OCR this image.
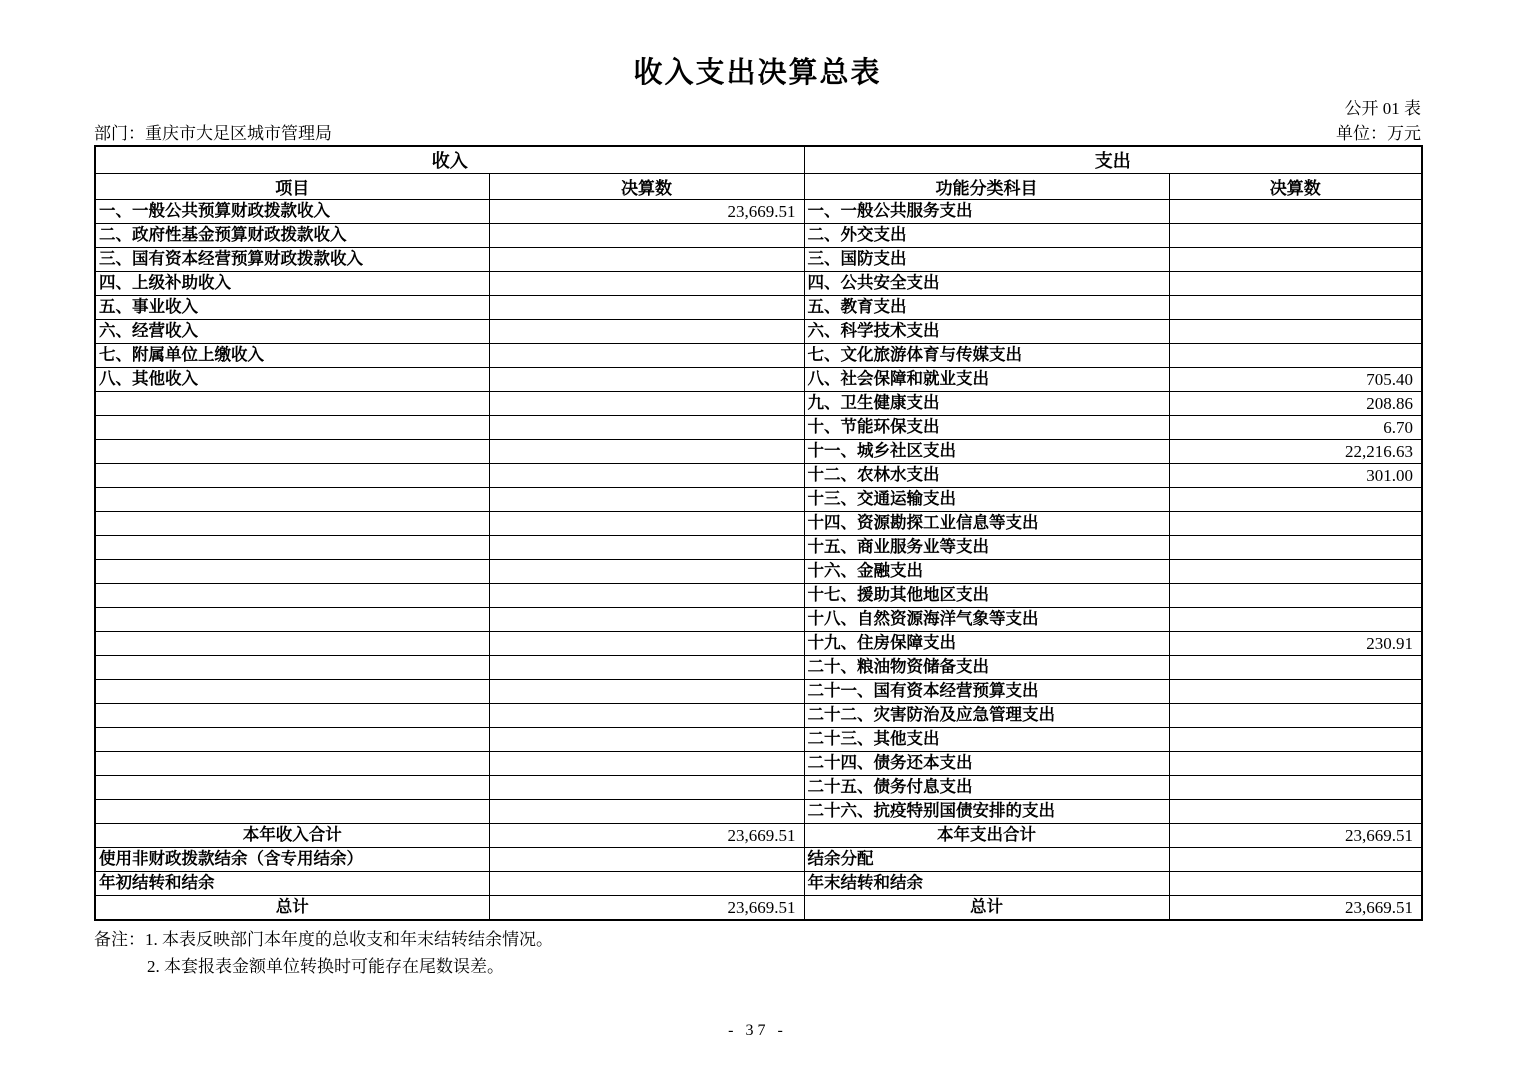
收入支出决算总表
公开 01 表
部门：重庆市大足区城市管理局	单位：万元
收入		支出	
项目	决算数	功能分类科目	决算数
一、一般公共预算财政拨款收入	23,669.51	一、一般公共服务支出	
二、政府性基金预算财政拨款收入		二、外交支出	
三、国有资本经营预算财政拨款收入		三、国防支出	
四、上级补助收入		四、公共安全支出	
五、事业收入		五、教育支出	
六、经营收入		六、科学技术支出	
七、附属单位上缴收入		七、文化旅游体育与传媒支出	
八、其他收入		八、社会保障和就业支出	705.40
		九、卫生健康支出	208.86
		十、节能环保支出	6.70
		十一、城乡社区支出	22,216.63
		十二、农林水支出	301.00
		十三、交通运输支出	
		十四、资源勘探工业信息等支出	
		十五、商业服务业等支出	
		十六、金融支出	
		十七、援助其他地区支出	
		十八、自然资源海洋气象等支出	
		十九、住房保障支出	230.91
		二十、粮油物资储备支出	
		二十一、国有资本经营预算支出	
		二十二、灾害防治及应急管理支出	
		二十三、其他支出	
		二十四、债务还本支出	
		二十五、债务付息支出	
		二十六、抗疫特别国债安排的支出	
本年收入合计	23,669.51	本年支出合计	23,669.51
使用非财政拨款结余（含专用结余）		结余分配	
年初结转和结余		年末结转和结余	
总计	23,669.51	总计	23,669.51
备注：1. 本表反映部门本年度的总收支和年末结转结余情况。
2. 本套报表金额单位转换时可能存在尾数误差。
- 37 -
